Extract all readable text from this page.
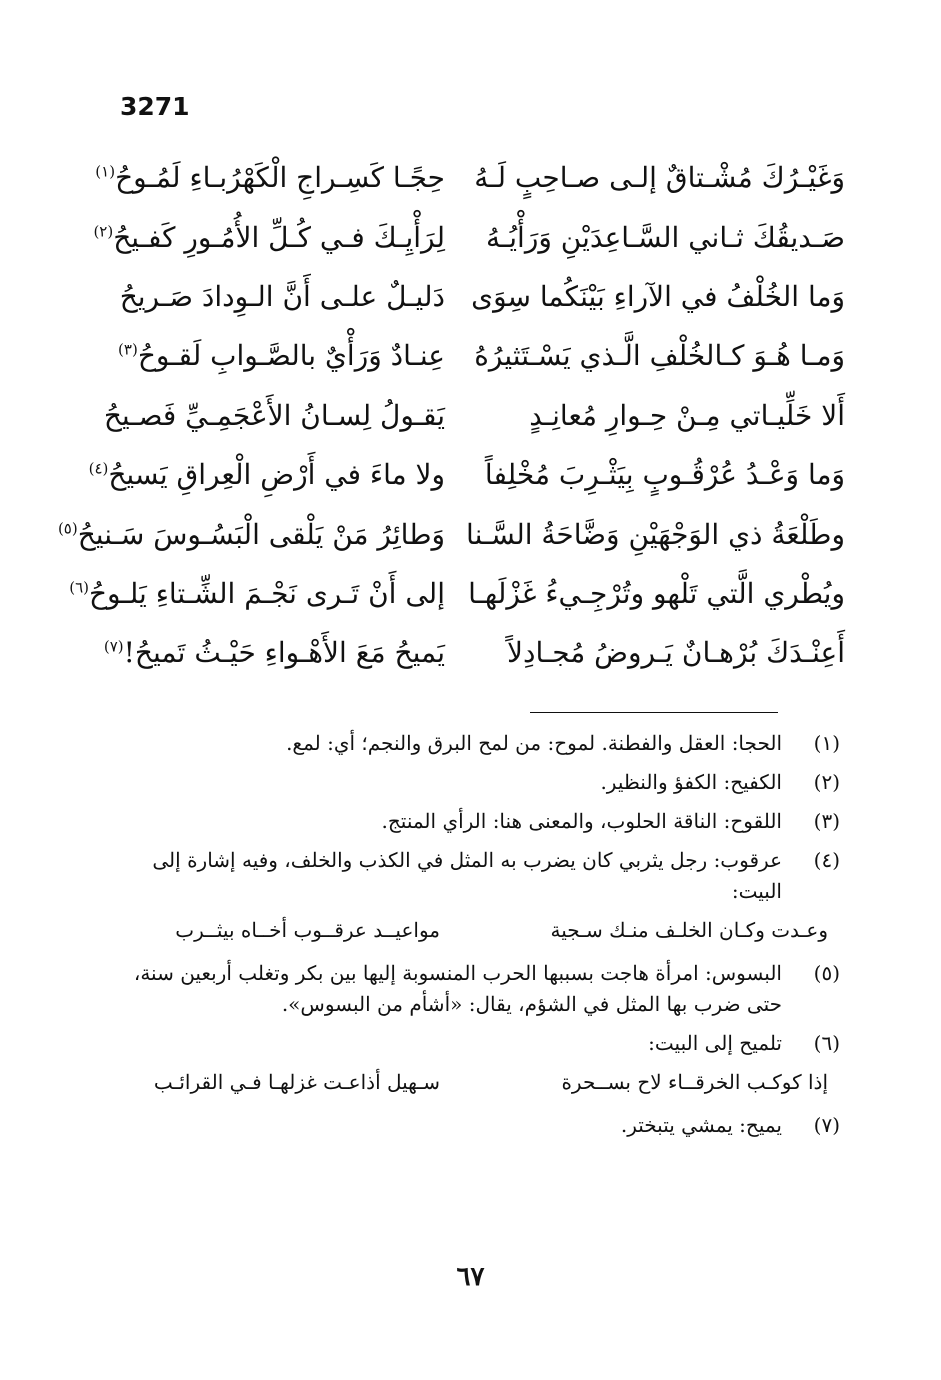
3271
وَغَيْـرُكَ مُشْـتاقٌ إلـى صـاحِبٍ لَـهُ
حِجًـا كَسِـراجِ الْكَهْرُبـاءِ لَمُـوحُ$^{(١)}$
صَـديقُكَ ثـاني السَّـاعِدَيْنِ وَرَأْيُـهُ
لِرَأْيِـكَ فـي كُـلِّ الأُمُـورِ كَفـيحُ$^{(٢)}$
وَما الخُلْفُ في الآراءِ بَيْنَكُما سِوَى
دَليـلٌ علـى أَنَّ الـوِدادَ صَـريحُ
وَمـا هُـوَ كـالخُلْفِ الَّـذي يَسْـتَثيرُهُ
عِنـادٌ وَرَأْيٌ بالصَّـوابِ لَقـوحُ$^{(٣)}$
أَلا خَلِّيـاتي مِـنْ حِـوارِ مُعانِـدٍ
يَقـولُ لِسـانُ الأَعْجَمِـيِّ فَصـيحُ
وَما وَعْـدُ عُرْقُـوبٍ بِيَثْـرِبَ مُخْلِفاً
ولا ماءَ في أَرْضِ الْعِراقِ يَسيحُ$^{(٤)}$
وطَلْعَةُ ذي الوَجْهَيْنِ وَضَّاحَةُ السَّـنا
وَطائِرُ مَنْ يَلْقى الْبَسُـوسَ سَـنيحُ$^{(٥)}$
ويُطْري الَّتي تَلْهو وتُرْجِـيءُ غَزْلَهـا
إلى أَنْ تَـرى نَجْـمَ الشِّـتاءِ يَلـوحُ$^{(٦)}$
أَعِنْـدَكَ بُرْهـانٌ يَـروضُ مُجـادِلاً
يَميحُ مَعَ الأَهْـواءِ حَيْـثُ تَميحُ!$^{(٧)}$
(١)
الحجا: العقل والفطنة. لموح: من لمح البرق والنجم؛ أي: لمع.
(٢)
الكفيح: الكفؤ والنظير.
(٣)
اللقوح: الناقة الحلوب، والمعنى هنا: الرأي المنتج.
(٤)
عرقوب: رجل يثربي كان يضرب به المثل في الكذب والخلف، وفيه إشارة إلى البيت:
وعـدت وكـان الخلـف منـك سـجية
مواعيــد عرقــوب أخــاه بيثــرب
(٥)
البسوس: امرأة هاجت بسببها الحرب المنسوبة إليها بين بكر وتغلب أربعين سنة، حتى ضرب بها المثل في الشؤم، يقال: «أشأم من البسوس».
(٦)
تلميح إلى البيت:
إذا كوكـب الخرقــاء لاح بســحرة
سـهيل أذاعـت غزلهـا فـي القرائـب
(٧)
يميح: يمشي يتبختر.
٦٧
